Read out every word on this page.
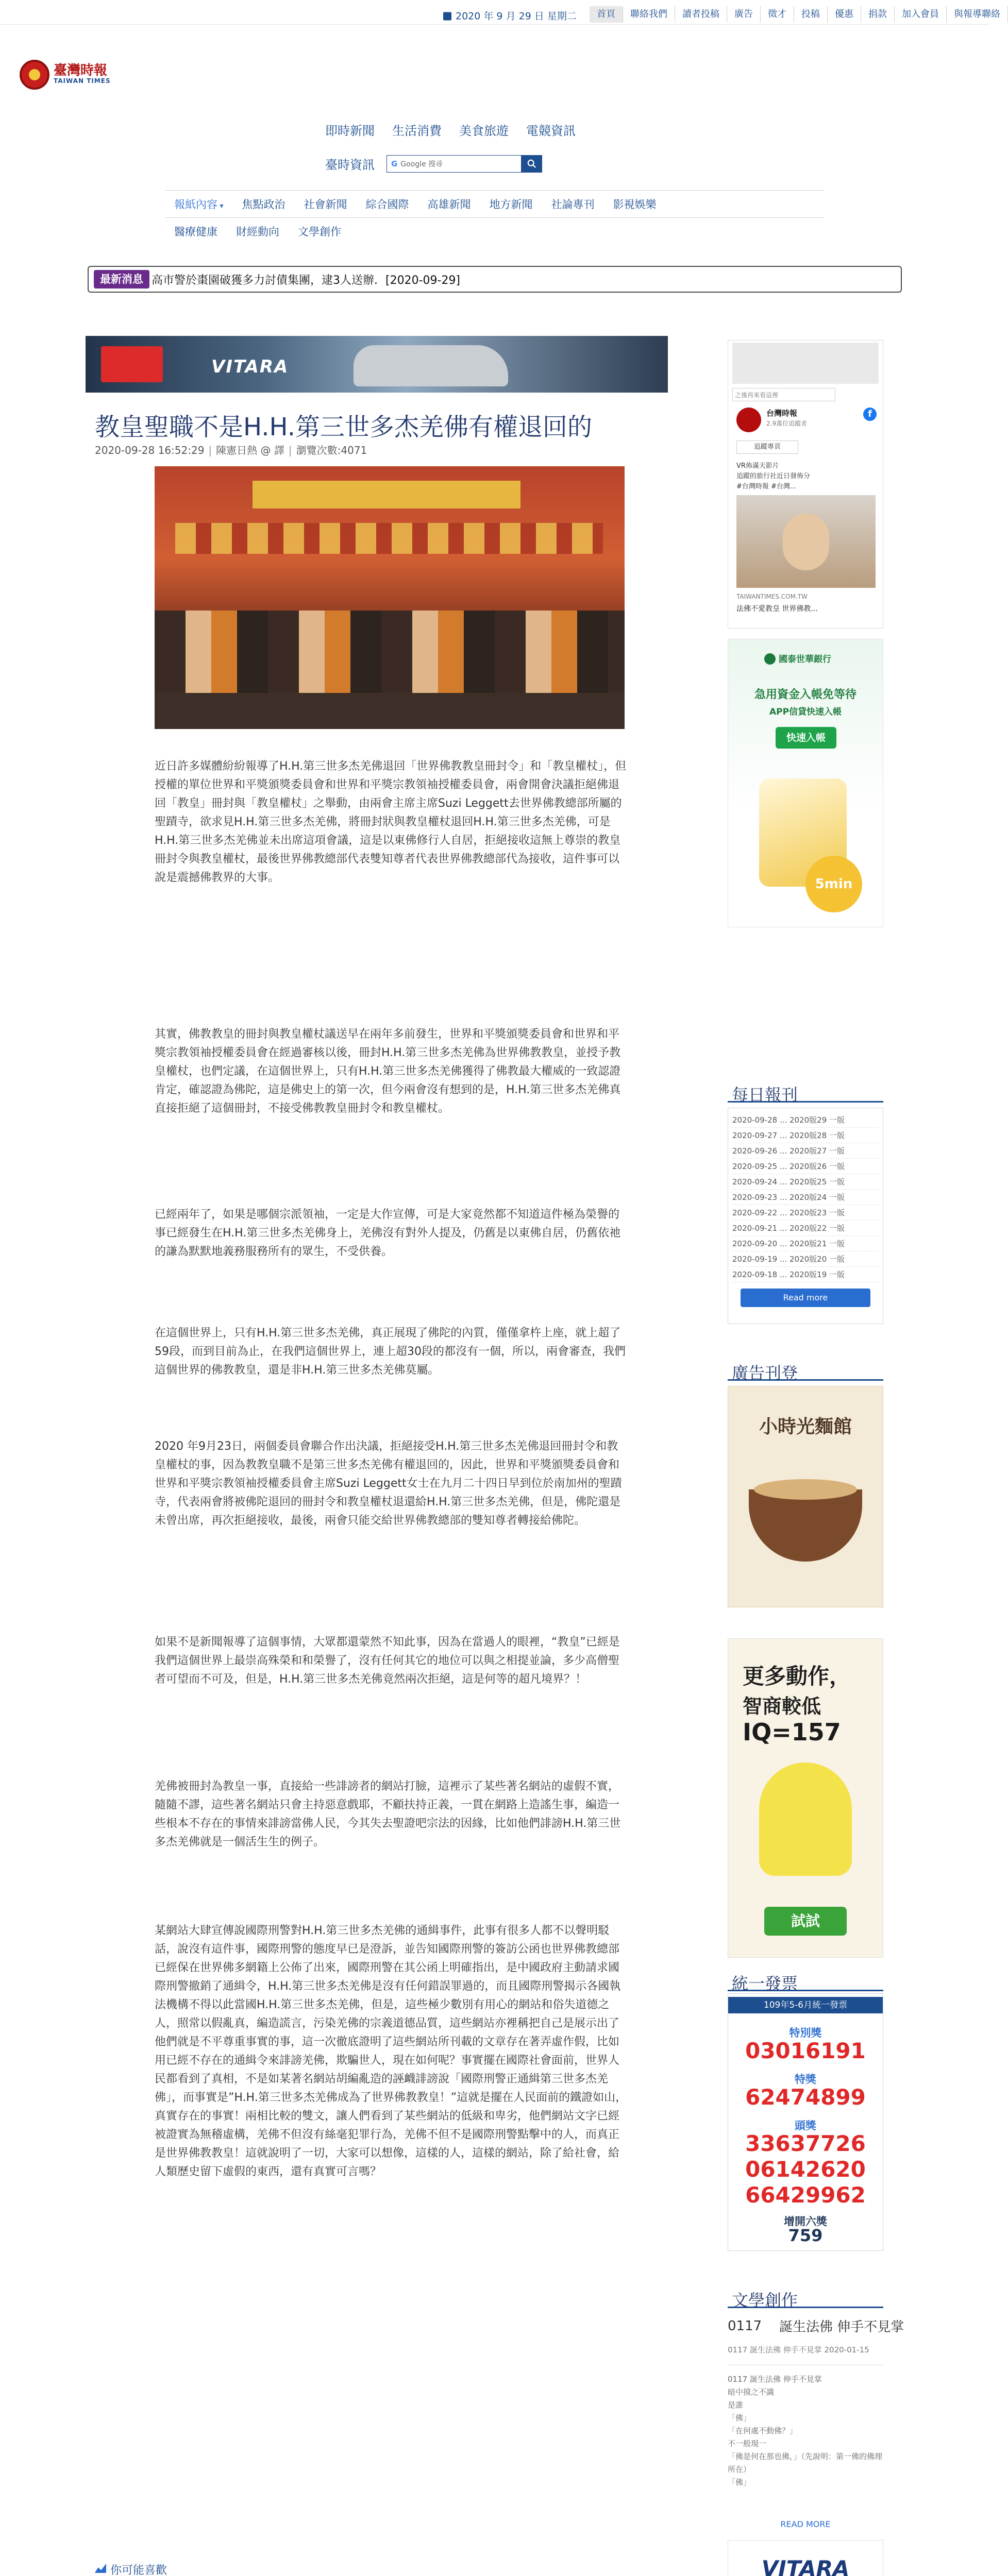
2020 年 9 月 29 日 星期二	首頁	聯絡我們	讀者投稿	廣告	徵才	投稿	優惠	捐款	加入會員	與報導聯絡
臺灣時報
TAIWAN TIMES
即時新聞	生活消費	美食旅遊	電競資訊
臺時資訊	G Google 搜尋
報紙內容 ▾	焦點政治	社會新聞	綜合國際	高雄新聞	地方新聞	社論專刊	影視娛樂
醫療健康	財經動向	文學創作
最新消息 高市警於棗園破獲多力討債集團，逮3人送辦．[2020-09-29]
VITARA
教皇聖職不是H.H.第三世多杰羌佛有權退回的
2020-09-28 16:52:29 | 陳憲日熱 @ 譯 | 瀏覽次數:4071

近日許多媒體紛紛報導了H.H.第三世多杰羌佛退回「世界佛教教皇冊封令」和「教皇權杖」，但授權的單位世界和平獎頒獎委員會和世界和平獎宗教領袖授權委員會，兩會開會決議拒絕佛退回「教皇」冊封與「教皇權杖」之舉動，由兩會主席主席Suzi Leggett去世界佛教總部所屬的聖蹟寺，欲求見H.H.第三世多杰羌佛，將冊封狀與教皇權杖退回H.H.第三世多杰羌佛，可是H.H.第三世多杰羌佛並未出席這項會議，這是以東佛修行人自居，拒絕接收這無上尊崇的教皇冊封令與教皇權杖，最後世界佛教總部代表雙知尊者代表世界佛教總部代為接收，這件事可以說是震撼佛教界的大事。

其實，佛教教皇的冊封與教皇權杖議送早在兩年多前發生，世界和平獎頒獎委員會和世界和平獎宗教領袖授權委員會在經過審核以後，冊封H.H.第三世多杰羌佛為世界佛教教皇，並授予教皇權杖，也們定議，在這個世界上，只有H.H.第三世多杰羌佛獲得了佛教最大權威的一致認證肯定，確認證為佛陀，這是佛史上的第一次，但今兩會沒有想到的是，H.H.第三世多杰羌佛真直接拒絕了這個冊封，不接受佛教教皇冊封令和教皇權杖。

已經兩年了，如果是哪個宗派領袖，一定是大作宣傳，可是大家竟然都不知道這件極為榮譽的事已經發生在H.H.第三世多杰羌佛身上，羌佛沒有對外人提及，仍舊是以東佛自居，仍舊依祂的謙為默默地義務服務所有的眾生，不受供養。

在這個世界上，只有H.H.第三世多杰羌佛，真正展現了佛陀的內質，僅僅拿杵上座，就上超了59段，而到目前為止，在我們這個世界上，連上超30段的都沒有一個，所以，兩會審查，我們這個世界的佛教教皇，還是非H.H.第三世多杰羌佛莫屬。

2020 年9月23日，兩個委員會聯合作出決議，拒絕接受H.H.第三世多杰羌佛退回冊封令和教皇權杖的事，因為教教皇職不是第三世多杰羌佛有權退回的，因此，世界和平獎頒獎委員會和世界和平獎宗教領袖授權委員會主席Suzi Leggett女士在九月二十四日早到位於南加州的聖蹟寺，代表兩會將被佛陀退回的冊封令和教皇權杖退還給H.H.第三世多杰羌佛，但是，佛陀還是未曾出席，再次拒絕接收，最後，兩會只能交給世界佛教總部的雙知尊者轉接給佛陀。

如果不是新聞報導了這個事情，大眾都還蒙然不知此事，因為在當過人的眼裡，“教皇”已經是我們這個世界上最崇高殊榮和和榮譽了，沒有任何其它的地位可以與之相提並論，多少高僧聖者可望而不可及，但是，H.H.第三世多杰羌佛竟然兩次拒絕，這是何等的超凡境界？！

羌佛被冊封為教皇一事，直接給一些誹謗者的網站打臉，這裡示了某些著名網站的虛假不實，隨隨不謬，這些著名網站只會主持惡意戲耶，不顧扶持正義，一貫在網路上造謠生事，編造一些根本不存在的事情來誹謗當佛人民，今其失去聖證吧宗法的因緣，比如他們誹謗H.H.第三世多杰羌佛就是一個活生生的例子。

某網站大肆宣傳說國際刑警對H.H.第三世多杰羌佛的通緝事件，此事有很多人都不以聲明駁話，說沒有這件事，國際刑警的態度早已是澄訴，並告知國際刑警的簽訪公函也世界佛教總部已經保在世界佛多網籍上公佈了出來，國際刑警在其公函上明確指出，是中國政府主動請求國際刑警撤銷了通緝令，H.H.第三世多杰羌佛是沒有任何錯誤罪過的，而且國際刑警揭示各國執法機構不得以此當國H.H.第三世多杰羌佛，但是，這些極少數別有用心的網站和俗失道德之人，照常以假亂真，編造謊言，污染羌佛的宗義道德品質，這些網站亦裡稱把自己是展示出了他們就是不平尊重事實的事，這一次徹底證明了這些網站所刊載的文章存在著弄虛作假，比如用已經不存在的通緝令來誹謗羌佛，欺騙世人，現在如何呢？事實擺在國際社會面前，世界人民都看到了真相，不是如某著名網站胡編亂造的誣衊誹謗說「國際刑警正通緝第三世多杰羌佛」，而事實是”H.H.第三世多杰羌佛成為了世界佛教教皇！”這就是擺在人民面前的鐵證如山，真實存在的事實！兩相比較的雙文，讓人們看到了某些網站的低級和卑劣，他們網站文字已經被證實為無稽虛構，羌佛不但沒有絲毫犯罪行為，羌佛不但不是國際刑警點擊中的人，而真正是世界佛教教皇！這就說明了一切，大家可以想像，這樣的人，這樣的網站，除了給社會，給人類歷史留下虛假的東西，還有真實可言嗎？

你可能喜歡
之後再來看這裡
台灣時報
2.9萬位追蹤者
f
追蹤專頁
VR佈滿天影片
追蹤的旅行社近日發佈分
#台灣時報 #台灣...
TAIWANTIMES.COM.TW
法佛不愛教皇 世界佛教...
國泰世華銀行
急用資金入帳免等待
APP信貸快速入帳
快速入帳
5min
每日報刊
2020-09-28 ... 2020版29 一版
2020-09-27 ... 2020版28 一版
2020-09-26 ... 2020版27 一版
2020-09-25 ... 2020版26 一版
2020-09-24 ... 2020版25 一版
2020-09-23 ... 2020版24 一版
2020-09-22 ... 2020版23 一版
2020-09-21 ... 2020版22 一版
2020-09-20 ... 2020版21 一版
2020-09-19 ... 2020版20 一版
2020-09-18 ... 2020版19 一版
Read more
廣告刊登
小時光麵館
更多動作，
智商較低
IQ=157
試試
統一發票
109年5-6月統一發票
特別獎
03016191
特獎
62474899
頭獎
33637726
06142620
66429962
增開六獎
759
文學創作
0117 誕生法佛 伸手不見掌
0117 誕生法佛 伸手不見掌 2020-01-15
0117 誕生法佛 伸手不見掌
暗中摸之不識
是誰
「佛」
「在何處不動佛？」
不一般現一
「佛是何在那也佛，」（先說明：第一佛的佛理所在）
「佛」
READ MORE
VITARA
